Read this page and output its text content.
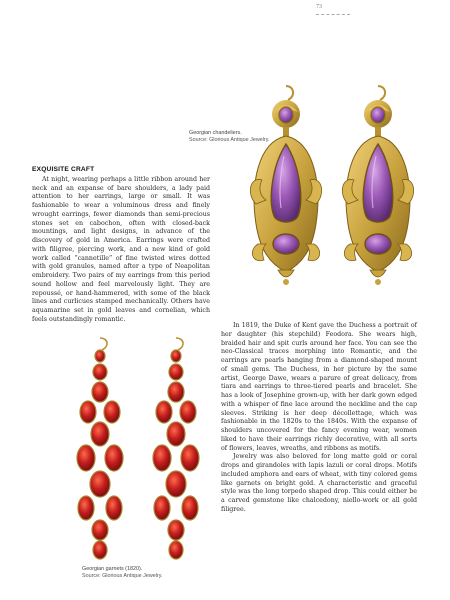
73
Georgian chandeliers.
Source: Glorious Antique Jewelry.
EXQUISITE CRAFT

At night, wearing perhaps a little ribbon around her neck and an expanse of bare shoulders, a lady paid attention to her earrings, large or small. It was fashionable to wear a voluminous dress and finely wrought earrings, fewer diamonds than semi-precious stones set en cabochon, often with closed-back mountings, and light designs, in advance of the discovery of gold in America. Earrings were crafted with filigree, piercing work, and a new kind of gold work called “cannetille” of fine twisted wires dotted with gold granules, named after a type of Neapolitan embroidery. Two pairs of my earrings from this period sound hollow and feel marvelously light. They are repoussé, or hand-hammered, with some of the black lines and curlicues stamped mechanically. Others have aquamarine set in gold leaves and cornelian, which feels outstandingly romantic.

Georgian garnets (1820).
Source: Glorious Antique Jewelry.

In 1819, the Duke of Kent gave the Duchess a portrait of her daughter (his stepchild) Feodora. She wears high, braided hair and spit curls around her face. You can see the neo-Classical traces morphing into Romantic, and the earrings are pearls hanging from a diamond-shaped mount of small gems. The Duchess, in her picture by the same artist, George Dawe, wears a parure of great delicacy, from tiara and earrings to three-tiered pearls and bracelet. She has a look of Josephine grown-up, with her dark gown edged with a whisper of fine lace around the neckline and the cap sleeves. Striking is her deep décollettage, which was fashionable in the 1820s to the 1840s. With the expanse of shoulders uncovered for the fancy evening wear, women liked to have their earrings richly decorative, with all sorts of flowers, leaves, wreaths, and ribbons as motifs.

Jewelry was also beloved for long matte gold or coral drops and girandoles with lapis lazuli or coral drops. Motifs included amphora and ears of wheat, with tiny colored gems like garnets on bright gold. A characteristic and graceful style was the long torpedo shaped drop. This could either be a carved gemstone like chalcedony, niello-work or all gold filigree.
